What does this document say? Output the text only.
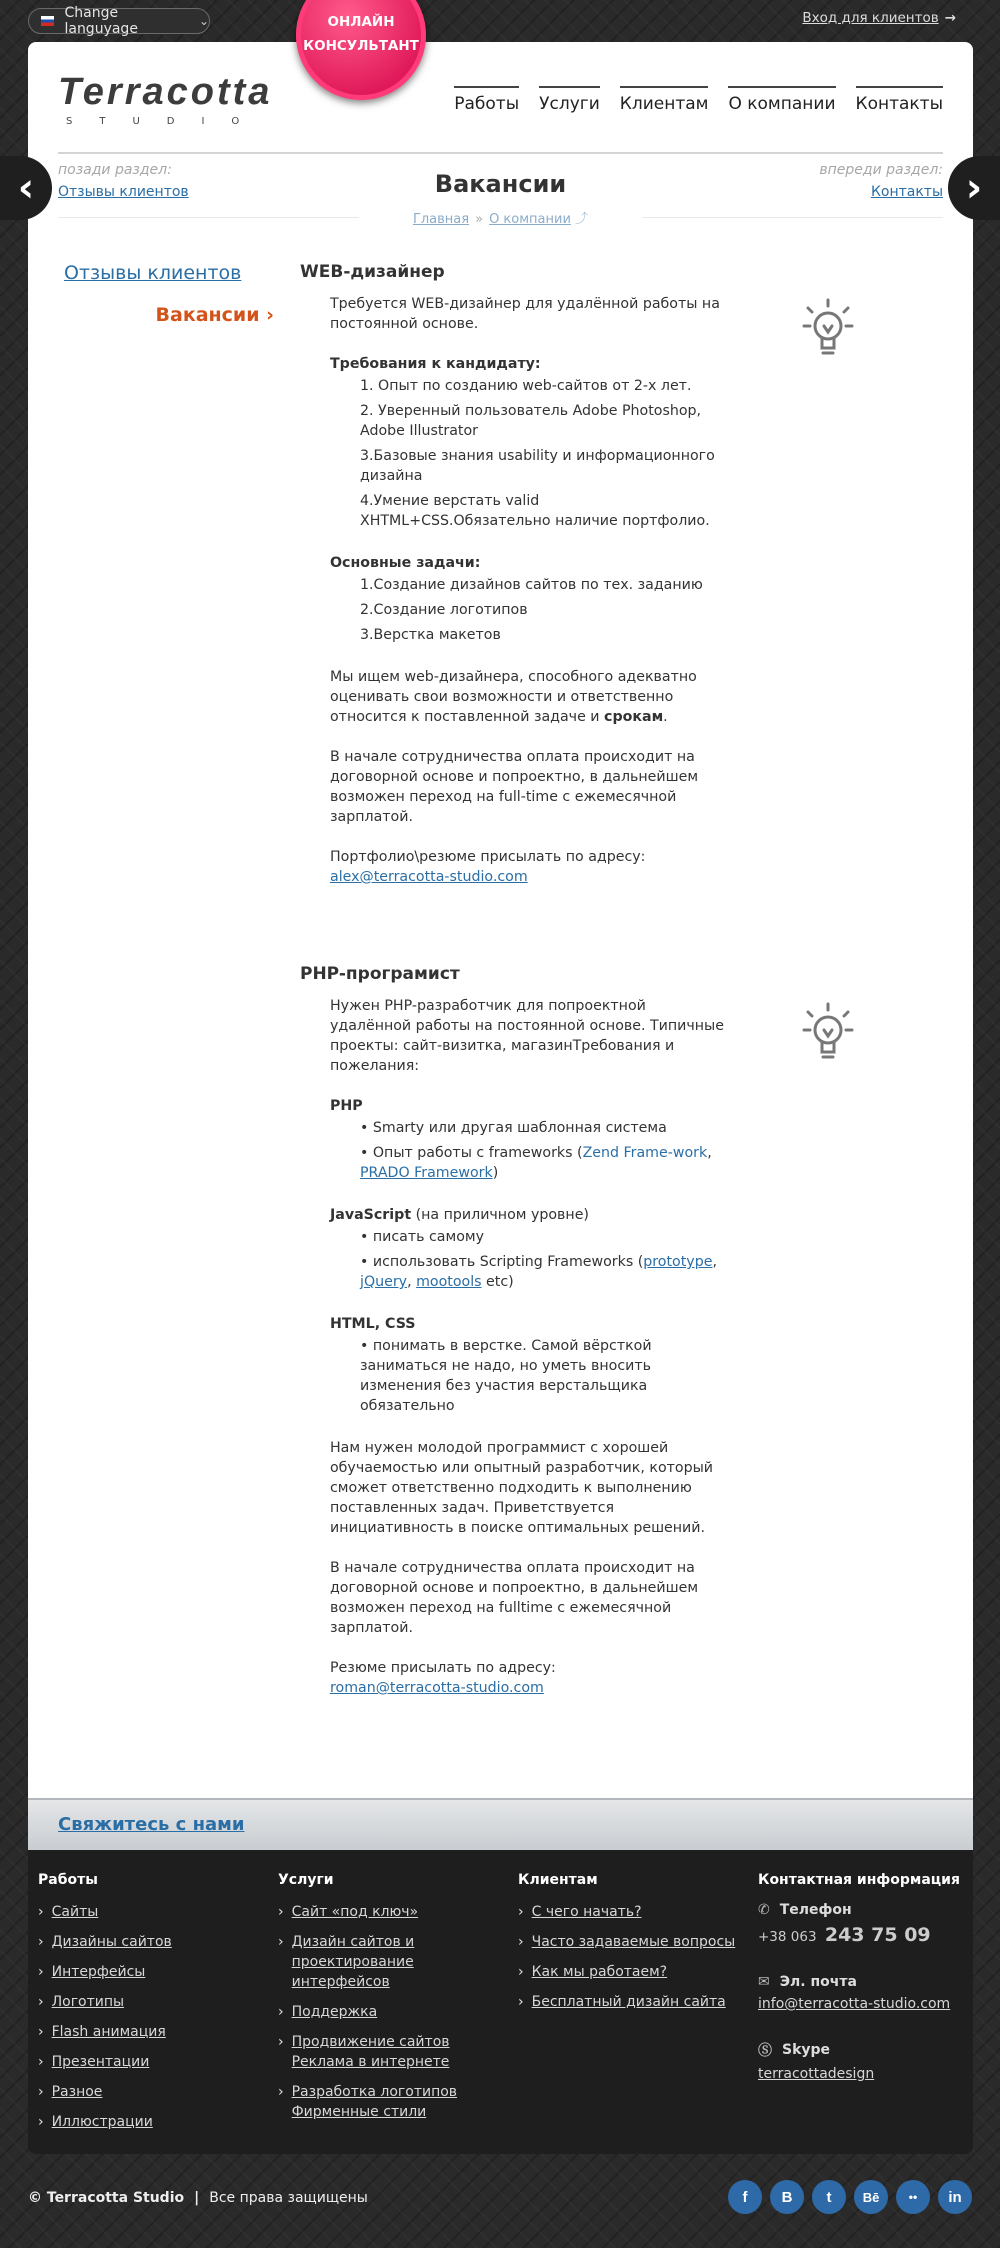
Change languyage	⌄	ОНЛАЙН
КОНСУЛЬТАНТ
Вход для клиентов →
‹	›
Terracotta
STUDIO
Работы Услуги Клиентам О компании Контакты
позади раздел:
Отзывы клиентов
впереди раздел:
Контакты
Вакансии
Главная » О компании ⤴
Отзывы клиентов
Вакансии ›
WEB-дизайнер

Требуется WEB-дизайнер для удалённой работы на постоянной основе.

Требования к кандидату:
1. Опыт по созданию web-сайтов от 2-х лет.
2. Уверенный пользователь Adobe Photoshop, Adobe Illustrator
3.Базовые знания usability и информационного дизайна
4.Умение верстать valid XHTML+CSS.Обязательно наличие портфолио.
Основные задачи:
1.Создание дизайнов сайтов по тех. заданию
2.Создание логотипов
3.Верстка макетов

Мы ищем web-дизайнера, способного адекватно оценивать свои возможности и ответственно относится к поставленной задаче и срокам.

В начале сотрудничества оплата происходит на договорной основе и попроектно, в дальнейшем возможен переход на full-time с ежемесячной зарплатой.

Портфолио\резюме присылать по адресу:
alex@terracotta-studio.com

PHP-програмист

Нужен PHP-разработчик для попроектной удалённой работы на постоянной основе. Типичные проекты: сайт-визитка, магазинТребования и пожелания:

PHP
• Smarty или другая шаблонная система
• Опыт работы с frameworks (Zend Frame-work, PRADO Framework)
JavaScript (на приличном уровне)
• писать самому
• использовать Scripting Frameworks (prototype, jQuery, mootools etc)
HTML, CSS
• понимать в верстке. Самой вёрсткой заниматься не надо, но уметь вносить изменения без участия верстальщика обязательно

Нам нужен молодой программист с хорошей обучаемостью или опытный разработчик, который сможет ответственно подходить к выполнению поставленных задач. Приветствуется инициативность в поиске оптимальных решений.

В начале сотрудничества оплата происходит на договорной основе и попроектно, в дальнейшем возможен переход на fulltime с ежемесячной зарплатой.

Резюме присылать по адресу:
roman@terracotta-studio.com

Свяжитесь с нами
Работы
› Сайты
› Дизайны сайтов
› Интерфейсы
› Логотипы
› Flash анимация
› Презентации
› Разное
› Иллюстрации
Услуги
› Сайт «под ключ»
› Дизайн сайтов и проектирование интерфейсов
› Поддержка
› Продвижение сайтов Реклама в интернете
› Разработка логотипов Фирменные стили
Клиентам
› С чего начать?
› Часто задаваемые вопросы
› Как мы работаем?
› Бесплатный дизайн сайта
Контактная информация
✆ Телефон
+38 063 243 75 09
✉ Эл. почта
info@terracotta-studio.com
Ⓢ Skype
terracottadesign
© Terracotta Studio | Все права защищены	f	B	t	Bē	••	in
